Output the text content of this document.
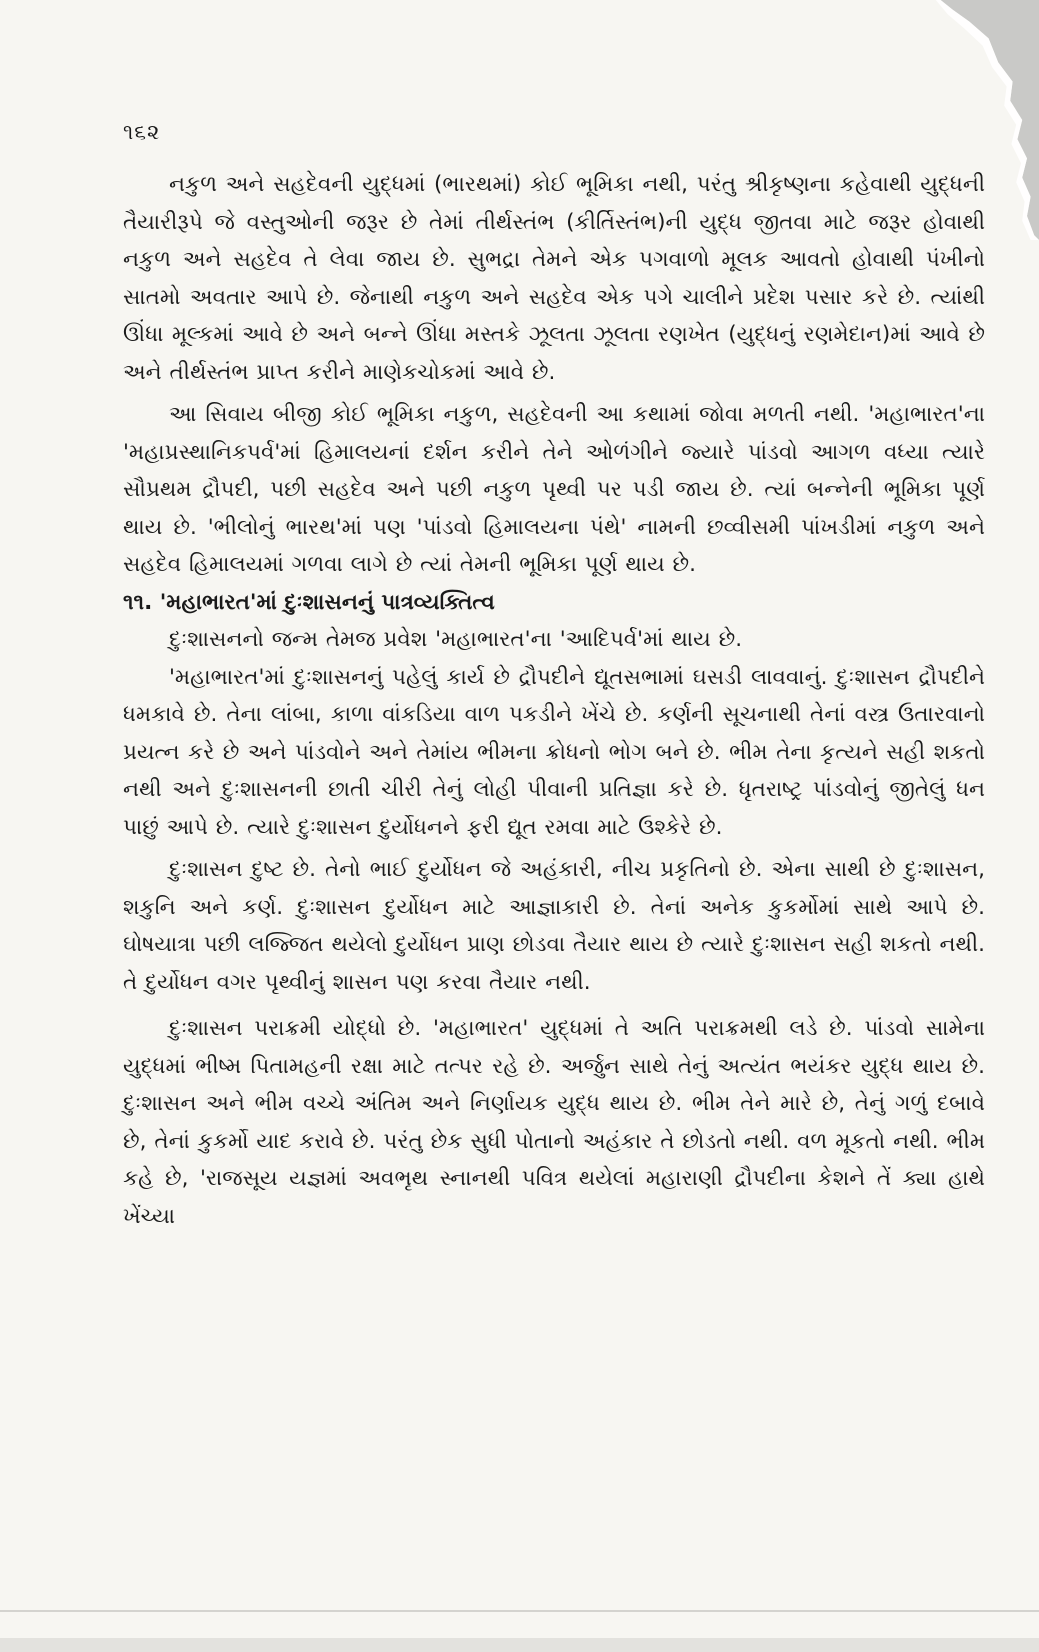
૧૬૨

નકુળ અને સહદેવની યુદ્ધમાં (ભારથમાં) કોઈ ભૂમિકા નથી, પરંતુ શ્રીકૃષ્ણના કહેવાથી યુદ્ધની તૈયારીરૂપે જે વસ્તુઓની જરૂર છે તેમાં તીર્થસ્તંભ (કીર્તિસ્તંભ)ની યુદ્ધ જીતવા માટે જરૂર હોવાથી નકુળ અને સહદેવ તે લેવા જાય છે. સુભદ્રા તેમને એક પગવાળો મૂલક આવતો હોવાથી પંખીનો સાતમો અવતાર આપે છે. જેનાથી નકુળ અને સહદેવ એક પગે ચાલીને પ્રદેશ પસાર કરે છે. ત્યાંથી ઊંધા મૂલ્કમાં આવે છે અને બન્ને ઊંધા મસ્તકે ઝૂલતા ઝૂલતા રણખેત (યુદ્ધનું રણમેદાન)માં આવે છે અને તીર્થસ્તંભ પ્રાપ્ત કરીને માણેકચોકમાં આવે છે.

આ સિવાય બીજી કોઈ ભૂમિકા નકુળ, સહદેવની આ કથામાં જોવા મળતી નથી. 'મહાભારત'ના 'મહાપ્રસ્થાનિકપર્વ'માં હિમાલયનાં દર્શન કરીને તેને ઓળંગીને જ્યારે પાંડવો આગળ વધ્યા ત્યારે સૌપ્રથમ દ્રૌપદી, પછી સહદેવ અને પછી નકુળ પૃથ્વી પર પડી જાય છે. ત્યાં બન્નેની ભૂમિકા પૂર્ણ થાય છે. 'ભીલોનું ભારથ'માં પણ 'પાંડવો હિમાલયના પંથે' નામની છવ્વીસમી પાંખડીમાં નકુળ અને સહદેવ હિમાલયમાં ગળવા લાગે છે ત્યાં તેમની ભૂમિકા પૂર્ણ થાય છે.

૧૧. 'મહાભારત'માં દુઃશાસનનું પાત્રવ્યક્તિત્વ

દુઃશાસનનો જન્મ તેમજ પ્રવેશ 'મહાભારત'ના 'આદિપર્વ'માં થાય છે.

'મહાભારત'માં દુઃશાસનનું પહેલું કાર્ય છે દ્રૌપદીને દ્યૂતસભામાં ઘસડી લાવવાનું. દુઃશાસન દ્રૌપદીને ધમકાવે છે. તેના લાંબા, કાળા વાંકડિયા વાળ પકડીને ખેંચે છે. કર્ણની સૂચનાથી તેનાં વસ્ત્ર ઉતારવાનો પ્રયત્ન કરે છે અને પાંડવોને અને તેમાંય ભીમના ક્રોધનો ભોગ બને છે. ભીમ તેના કૃત્યને સહી શકતો નથી અને દુઃશાસનની છાતી ચીરી તેનું લોહી પીવાની પ્રતિજ્ઞા કરે છે. ધૃતરાષ્ટ્ર પાંડવોનું જીતેલું ધન પાછું આપે છે. ત્યારે દુઃશાસન દુર્યોધનને ફરી દ્યૂત રમવા માટે ઉશ્કેરે છે.

દુઃશાસન દુષ્ટ છે. તેનો ભાઈ દુર્યોધન જે અહંકારી, નીચ પ્રકૃતિનો છે. એના સાથી છે દુઃશાસન, શકુનિ અને કર્ણ. દુઃશાસન દુર્યોધન માટે આજ્ઞાકારી છે. તેનાં અનેક કુકર્મોમાં સાથે આપે છે. ઘોષયાત્રા પછી લજ્જિત થયેલો દુર્યોધન પ્રાણ છોડવા તૈયાર થાય છે ત્યારે દુઃશાસન સહી શકતો નથી. તે દુર્યોધન વગર પૃથ્વીનું શાસન પણ કરવા તૈયાર નથી.

દુઃશાસન પરાક્રમી યોદ્ધો છે. 'મહાભારત' યુદ્ધમાં તે અતિ પરાક્રમથી લડે છે. પાંડવો સામેના યુદ્ધમાં ભીષ્મ પિતામહની રક્ષા માટે તત્પર રહે છે. અર્જુન સાથે તેનું અત્યંત ભયંકર યુદ્ધ થાય છે. દુઃશાસન અને ભીમ વચ્ચે અંતિમ અને નિર્ણાયક યુદ્ધ થાય છે. ભીમ તેને મારે છે, તેનું ગળું દબાવે છે, તેનાં કુકર્મો યાદ કરાવે છે. પરંતુ છેક સુધી પોતાનો અહંકાર તે છોડતો નથી. વળ મૂકતો નથી. ભીમ કહે છે, 'રાજસૂય યજ્ઞમાં અવભૃથ સ્નાનથી પવિત્ર થયેલાં મહારાણી દ્રૌપદીના કેશને તેં ક્યા હાથે ખેંચ્યા
